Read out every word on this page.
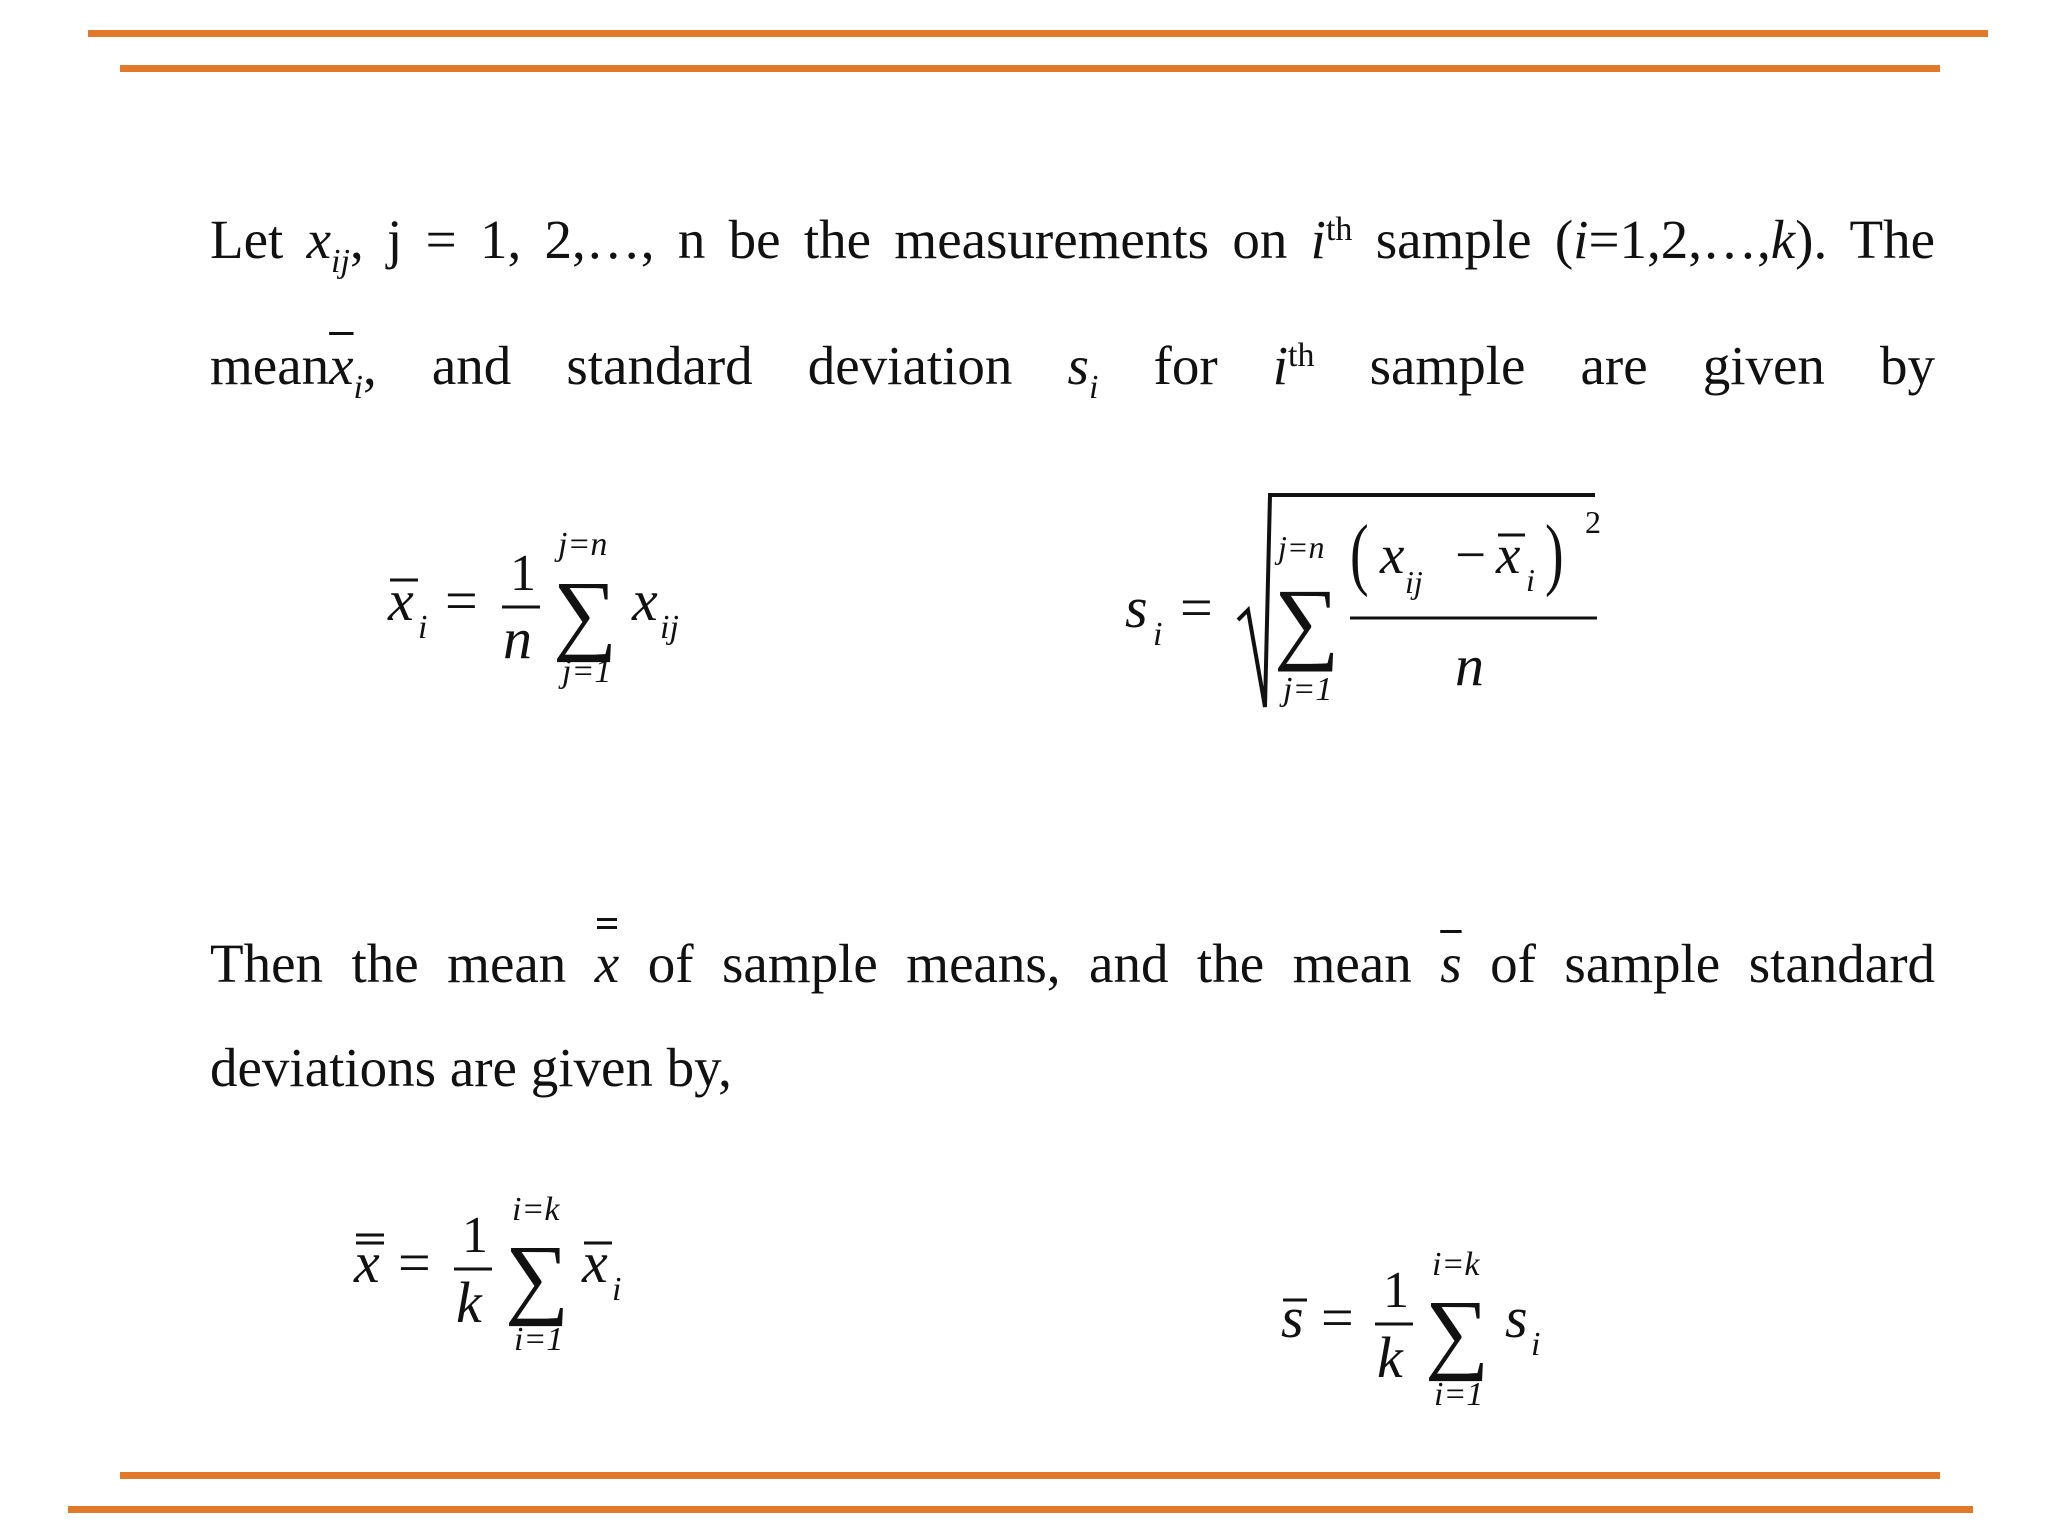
Let $x_{ij}$, j = 1, 2,…, n be the measurements on $i^{th}$ sample (i=1,2,…,k). The $mean\overline{x}_i$, and standard deviation $s_i$ for $i^{th}$ sample are given by
x i = 1
n
j=n
∑
j=1
x ij	s i =
j=n
∑
j=1
( x ij − x i ) 2
n
Then the mean x of sample means, and the mean $\overline{s}$ of sample standard deviations are given by,
x = 1
k
i=k
∑
i=1
x i	s = 1
k
i=k
∑
i=1
s i
